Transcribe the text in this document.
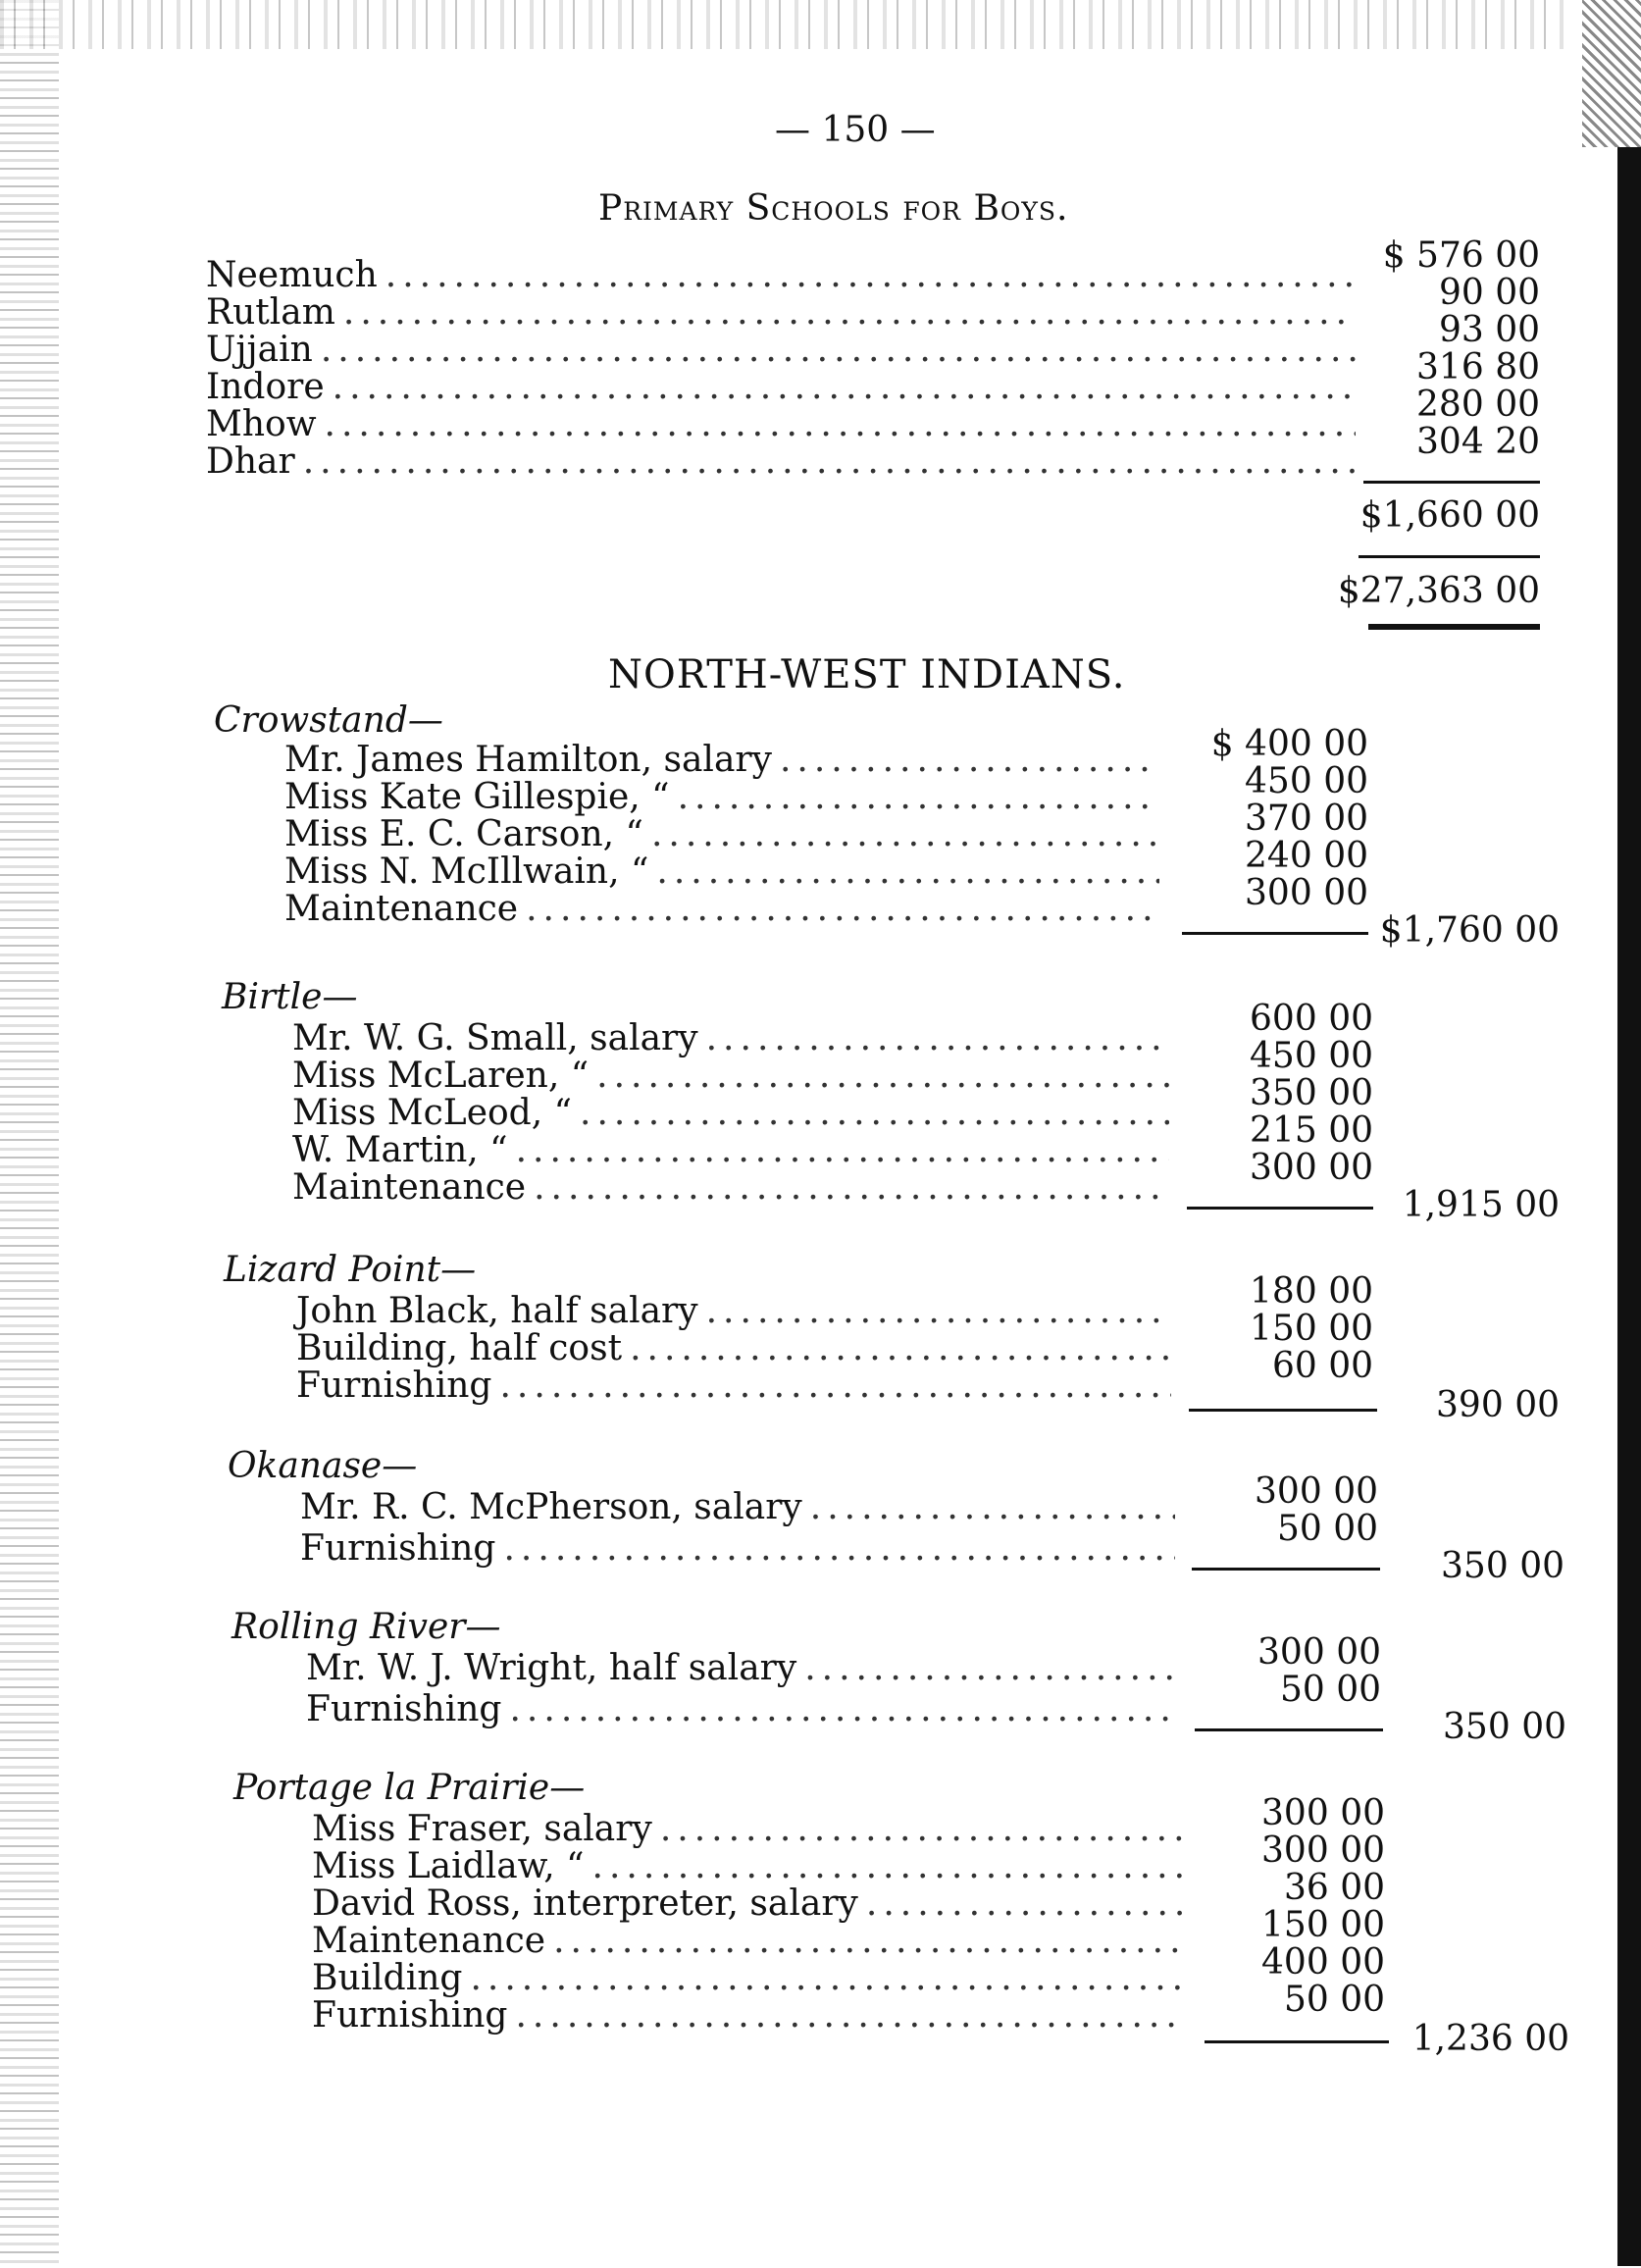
— 150 —
Primary Schools for Boys.
Neemuch .....	$ 576 00
Rutlam .....	90 00
Ujjain .....	93 00
Indore .....	316 80
Mhow .....	280 00
Dhar .....	304 20
$1,660 00
$27,363 00
NORTH-WEST INDIANS.
Crowstand—
Mr. James Hamilton, salary .....	$ 400 00
Miss Kate Gillespie, “ .....	450 00
Miss E. C. Carson, “ .....	370 00
Miss N. McIllwain, “ .....	240 00
Maintenance .....	300 00
$1,760 00
Birtle—
Mr. W. G. Small, salary .....	600 00
Miss McLaren, “ .....	450 00
Miss McLeod, “ .....	350 00
W. Martin, “ .....	215 00
Maintenance .....	300 00
1,915 00
Lizard Point—
John Black, half salary .....	180 00
Building, half cost .....	150 00
Furnishing .....	60 00
390 00
Okanase—
Mr. R. C. McPherson, salary .....	300 00
Furnishing .....	50 00
350 00
Rolling River—
Mr. W. J. Wright, half salary .....	300 00
Furnishing .....	50 00
350 00
Portage la Prairie—
Miss Fraser, salary .....	300 00
Miss Laidlaw, “ .....	300 00
David Ross, interpreter, salary .....	36 00
Maintenance .....	150 00
Building .....	400 00
Furnishing .....	50 00
1,236 00
